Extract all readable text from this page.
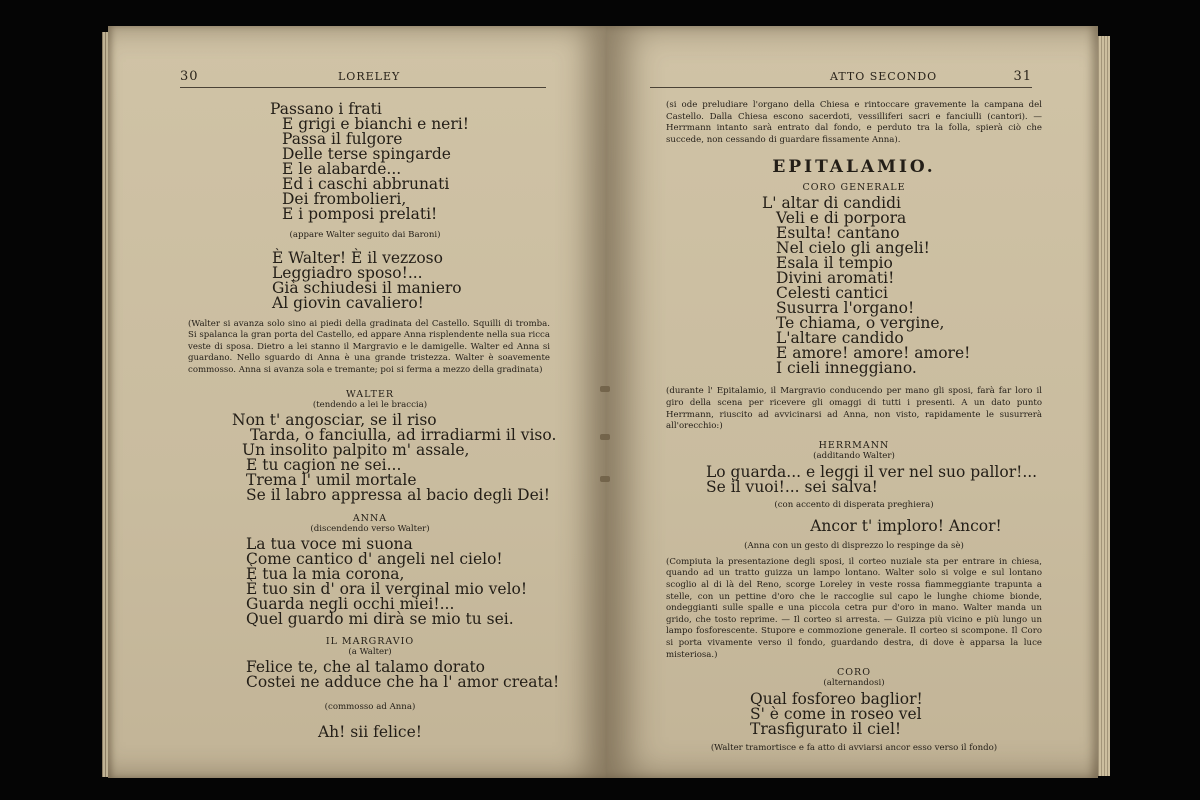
30	LORELEY
Passano i frati
E grigi e bianchi e neri!
Passa il fulgore
Delle terse spingarde
E le alabarde...
Ed i caschi abbrunati
Dei frombolieri,
E i pomposi prelati!
(appare Walter seguito dai Baroni)
È Walter! È il vezzoso
Leggiadro sposo!...
Già schiudesi il maniero
Al giovin cavaliero!
(Walter si avanza solo sino ai piedi della gradinata del Castello. Squilli di tromba. Si spalanca la gran porta del Castello, ed appare Anna risplendente nella sua ricca veste di sposa. Dietro a lei stanno il Margravio e le damigelle. Walter ed Anna si guardano. Nello sguardo di Anna è una grande tristezza. Walter è soavemente commosso. Anna si avanza sola e tremante; poi si ferma a mezzo della gradinata)
WALTER
(tendendo a lei le braccia)
Non t' angosciar, se il riso
Tarda, o fanciulla, ad irradiarmi il viso.
Un insolito palpito m' assale,
E tu cagion ne sei...
Trema l' umil mortale
Se il labro appressa al bacio degli Dei!
ANNA
(discendendo verso Walter)
La tua voce mi suona
Come cantico d' angeli nel cielo!
È tua la mia corona,
È tuo sin d' ora il verginal mio velo!
Guarda negli occhi miei!...
Quel guardo mi dirà se mio tu sei.
IL MARGRAVIO
(a Walter)
Felice te, che al talamo dorato
Costei ne adduce che ha l' amor creata!
(commosso ad Anna)
Ah! sii felice!
ATTO SECONDO	31
(si ode preludiare l'organo della Chiesa e rintoccare gravemente la campana del Castello. Dalla Chiesa escono sacerdoti, vessilliferi sacri e fanciulli (cantori). — Herrmann intanto sarà entrato dal fondo, e perduto tra la folla, spierà ciò che succede, non cessando di guardare fissamente Anna).
EPITALAMIO.
CORO GENERALE
L' altar di candidi
Veli e di porpora
Esulta! cantano
Nel cielo gli angeli!
Esala il tempio
Divini aromati!
Celesti cantici
Susurra l'organo!
Te chiama, o vergine,
L'altare candido
E amore! amore! amore!
I cieli inneggiano.
(durante l' Epitalamio, il Margravio conducendo per mano gli sposi, farà far loro il giro della scena per ricevere gli omaggi di tutti i presenti. A un dato punto Herrmann, riuscito ad avvicinarsi ad Anna, non visto, rapidamente le susurrerà all'orecchio:)
HERRMANN
(additando Walter)
Lo guarda... e leggi il ver nel suo pallor!...
Se il vuoi!... sei salva!
(con accento di disperata preghiera)
Ancor t' imploro! Ancor!
(Anna con un gesto di disprezzo lo respinge da sè)
(Compiuta la presentazione degli sposi, il corteo nuziale sta per entrare in chiesa, quando ad un tratto guizza un lampo lontano. Walter solo si volge e sul lontano scoglio al di là del Reno, scorge Loreley in veste rossa fiammeggiante trapunta a stelle, con un pettine d'oro che le raccoglie sul capo le lunghe chiome bionde, ondeggianti sulle spalle e una piccola cetra pur d'oro in mano. Walter manda un grido, che tosto reprime. — Il corteo si arresta. — Guizza più vicino e più lungo un lampo fosforescente. Stupore e commozione generale. Il corteo si scompone. Il Coro si porta vivamente verso il fondo, guardando destra, di dove è apparsa la luce misteriosa.)
CORO
(alternandosi)
Qual fosforeo baglior!
S' è come in roseo vel
Trasfigurato il ciel!
(Walter tramortisce e fa atto di avviarsi ancor esso verso il fondo)
